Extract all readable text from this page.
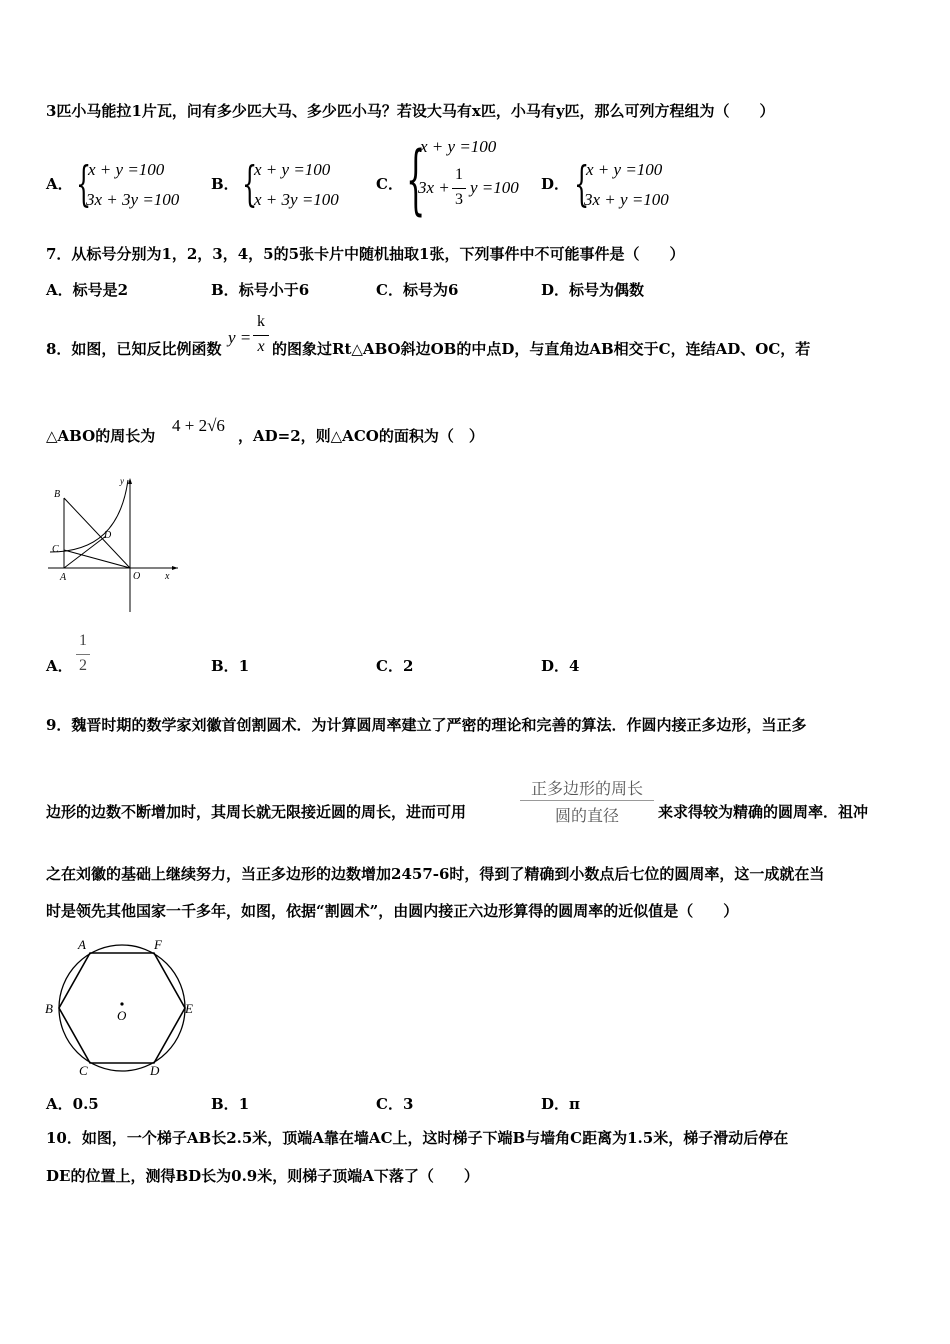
3匹小马能拉1片瓦，问有多少匹大马、多少匹小马？若设大马有x匹，小马有y匹，那么可列方程组为（　　）
A． {
x + y =100
3x + 3y =100
B． {
x + y =100
x + 3y =100
C． {
x + y =100
3x +
1
3
y =100 D． {
x + y =100
3x + y =100
7．从标号分别为1，2，3，4，5的5张卡片中随机抽取1张，下列事件中不可能事件是（　　）
A．标号是2	B．标号小于6	C．标号为6	D．标号为偶数
8．如图，已知反比例函数
y =
k
x 的图象过Rt△ABO斜边OB的中点D，与直角边AB相交于C，连结AD、OC，若
△ABO的周长为
4 + 2√6
，AD=2，则△ACO的面积为（　）
B
C
D
A	O x
y
A．
1
2	B．1	C．2	D．4
9．魏晋时期的数学家刘徽首创割圆术．为计算圆周率建立了严密的理论和完善的算法．作圆内接正多边形，当正多
边形的边数不断增加时，其周长就无限接近圆的周长，进而可用
正多边形的周长
圆的直径	来求得较为精确的圆周率．祖冲
之在刘徽的基础上继续努力，当正多边形的边数增加2457-6时，得到了精确到小数点后七位的圆周率，这一成就在当
时是领先其他国家一千多年，如图，依据“割圆术”，由圆内接正六边形算得的圆周率的近似值是（　　）
A	F
B	E
C	D
O
A．0.5	B．1	C．3	D．π
10．如图，一个梯子AB长2.5米，顶端A靠在墙AC上，这时梯子下端B与墙角C距离为1.5米，梯子滑动后停在
DE的位置上，测得BD长为0.9米，则梯子顶端A下落了（　　）
